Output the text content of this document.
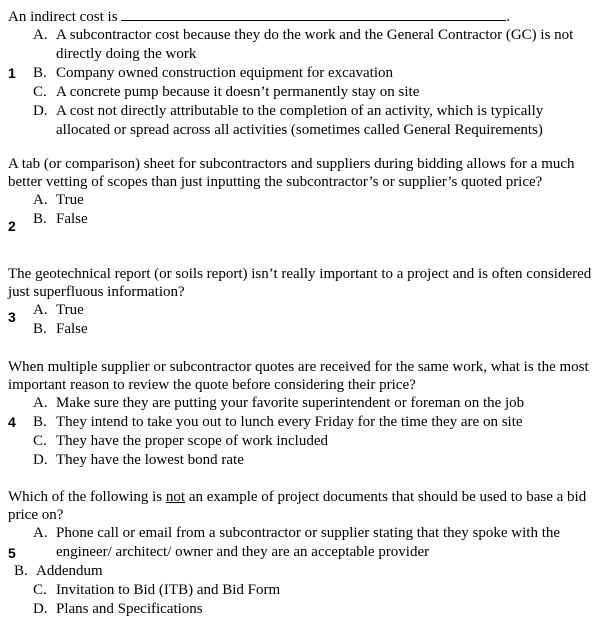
An indirect cost is	.

A. A subcontractor cost because they do the work and the General Contractor (GC) is not directly doing the work
B. Company owned construction equipment for excavation
C. A concrete pump because it doesn’t permanently stay on site
D. A cost not directly attributable to the completion of an activity, which is typically allocated or spread across all activities (sometimes called General Requirements)
1

A tab (or comparison) sheet for subcontractors and suppliers during bidding allows for a much better vetting of scopes than just inputting the subcontractor’s or supplier’s quoted price?

A. True
B. False
2

The geotechnical report (or soils report) isn’t really important to a project and is often considered just superfluous information?

A. True
B. False
3

When multiple supplier or subcontractor quotes are received for the same work, what is the most important reason to review the quote before considering their price?

A. Make sure they are putting your favorite superintendent or foreman on the job
B. They intend to take you out to lunch every Friday for the time they are on site
C. They have the proper scope of work included
D. They have the lowest bond rate
4

Which of the following is not an example of project documents that should be used to base a bid price on?

A. Phone call or email from a subcontractor or supplier stating that they spoke with the engineer/ architect/ owner and they are an acceptable provider
B. Addendum
C. Invitation to Bid (ITB) and Bid Form
D. Plans and Specifications
5
